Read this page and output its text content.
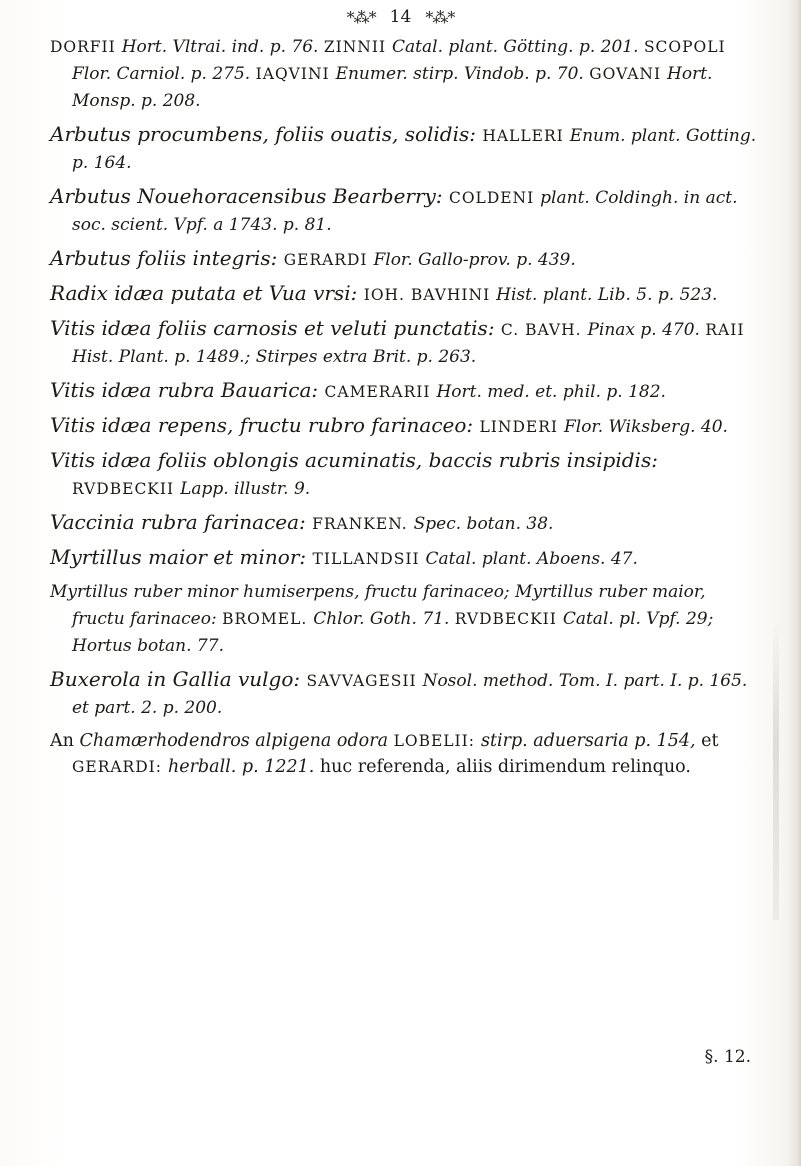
*⁂* 14 *⁂*

DORFII Hort. Vltrai. ind. p. 76. ZINNII Catal. plant. Götting. p. 201. SCOPOLI Flor. Carniol. p. 275. IAQVINI Enumer. stirp. Vindob. p. 70. GOVANI Hort. Monsp. p. 208.

Arbutus procumbens, foliis ouatis, solidis: HALLERI Enum. plant. Gotting. p. 164.

Arbutus Nouehoracensibus Bearberry: COLDENI plant. Coldingh. in act. soc. scient. Vpf. a 1743. p. 81.

Arbutus foliis integris: GERARDI Flor. Gallo-prov. p. 439.

Radix idæa putata et Vua vrsi: IOH. BAVHINI Hist. plant. Lib. 5. p. 523.

Vitis idæa foliis carnosis et veluti punctatis: C. BAVH. Pinax p. 470. RAII Hist. Plant. p. 1489.; Stirpes extra Brit. p. 263.

Vitis idæa rubra Bauarica: CAMERARII Hort. med. et. phil. p. 182.

Vitis idæa repens, fructu rubro farinaceo: LINDERI Flor. Wiksberg. 40.

Vitis idæa foliis oblongis acuminatis, baccis rubris insipidis: RVDBECKII Lapp. illustr. 9.

Vaccinia rubra farinacea: FRANKEN. Spec. botan. 38.

Myrtillus maior et minor: TILLANDSII Catal. plant. Aboens. 47.

Myrtillus ruber minor humiserpens, fructu farinaceo; Myrtillus ruber maior, fructu farinaceo: BROMEL. Chlor. Goth. 71. RVDBECKII Catal. pl. Vpf. 29; Hortus botan. 77.

Buxerola in Gallia vulgo: SAVVAGESII Nosol. method. Tom. I. part. I. p. 165. et part. 2. p. 200.

An Chamærhodendros alpigena odora LOBELII: stirp. aduersaria p. 154, et GERARDI: herball. p. 1221. huc referenda, aliis dirimendum relinquo.

§. 12.
